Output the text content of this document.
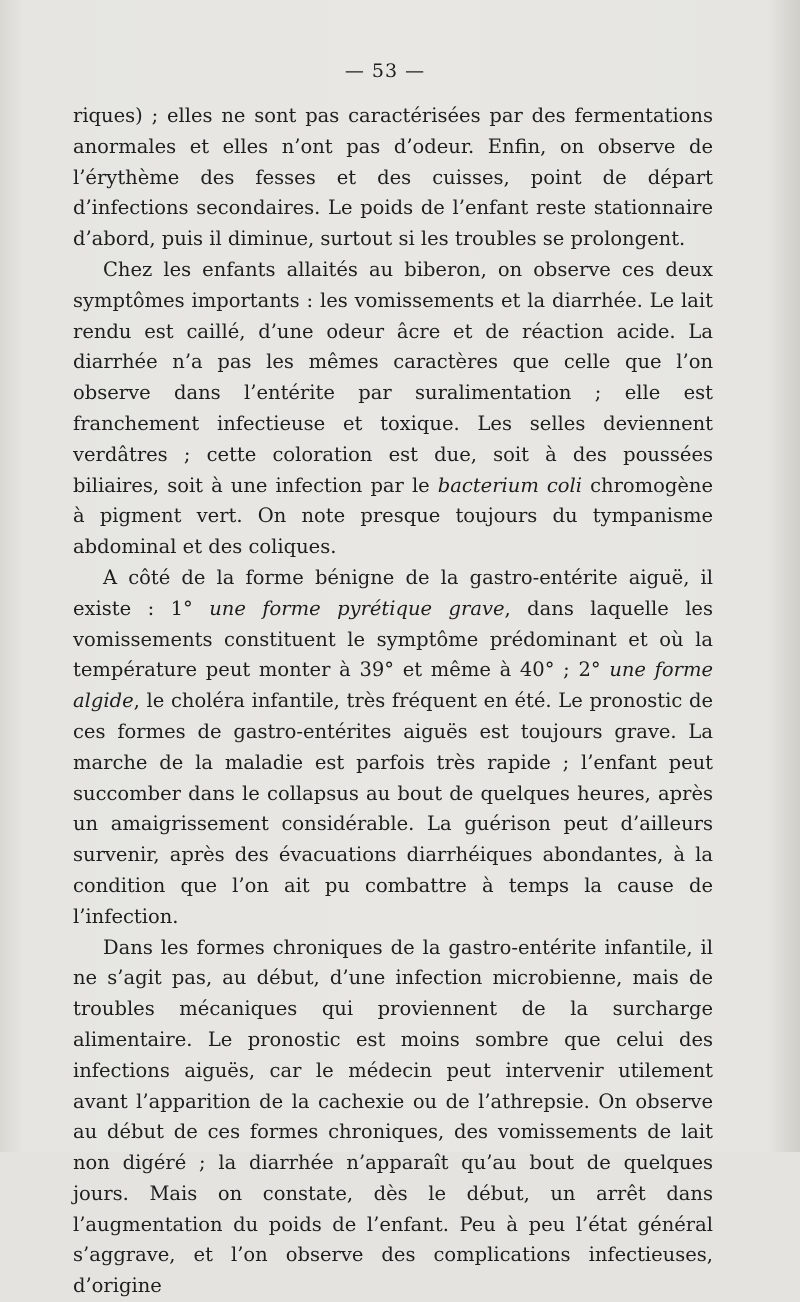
— 53 —

riques) ; elles ne sont pas caractérisées par des fermentations anormales et elles n’ont pas d’odeur. Enfin, on observe de l’érythème des fesses et des cuisses, point de départ d’infections secondaires. Le poids de l’enfant reste stationnaire d’abord, puis il diminue, surtout si les troubles se prolongent.

Chez les enfants allaités au biberon, on observe ces deux symptômes importants : les vomissements et la diarrhée. Le lait rendu est caillé, d’une odeur âcre et de réaction acide. La diarrhée n’a pas les mêmes caractères que celle que l’on observe dans l’entérite par suralimentation ; elle est franchement infectieuse et toxique. Les selles deviennent verdâtres ; cette coloration est due, soit à des poussées biliaires, soit à une infection par le bacterium coli chromogène à pigment vert. On note presque toujours du tympanisme abdominal et des coliques.

A côté de la forme bénigne de la gastro-entérite aiguë, il existe : 1° une forme pyrétique grave, dans laquelle les vomissements constituent le symptôme prédominant et où la température peut monter à 39° et même à 40° ; 2° une forme algide, le choléra infantile, très fréquent en été. Le pronostic de ces formes de gastro-entérites aiguës est toujours grave. La marche de la maladie est parfois très rapide ; l’enfant peut succomber dans le collapsus au bout de quelques heures, après un amaigrissement considérable. La guérison peut d’ailleurs survenir, après des évacuations diarrhéiques abondantes, à la condition que l’on ait pu combattre à temps la cause de l’infection.

Dans les formes chroniques de la gastro-entérite infantile, il ne s’agit pas, au début, d’une infection microbienne, mais de troubles mécaniques qui proviennent de la surcharge alimentaire. Le pronostic est moins sombre que celui des infections aiguës, car le médecin peut intervenir utilement avant l’apparition de la cachexie ou de l’athrepsie. On observe au début de ces formes chroniques, des vomissements de lait non digéré ; la diarrhée n’apparaît qu’au bout de quelques jours. Mais on constate, dès le début, un arrêt dans l’augmentation du poids de l’enfant. Peu à peu l’état général s’aggrave, et l’on observe des complications infectieuses, d’origine
